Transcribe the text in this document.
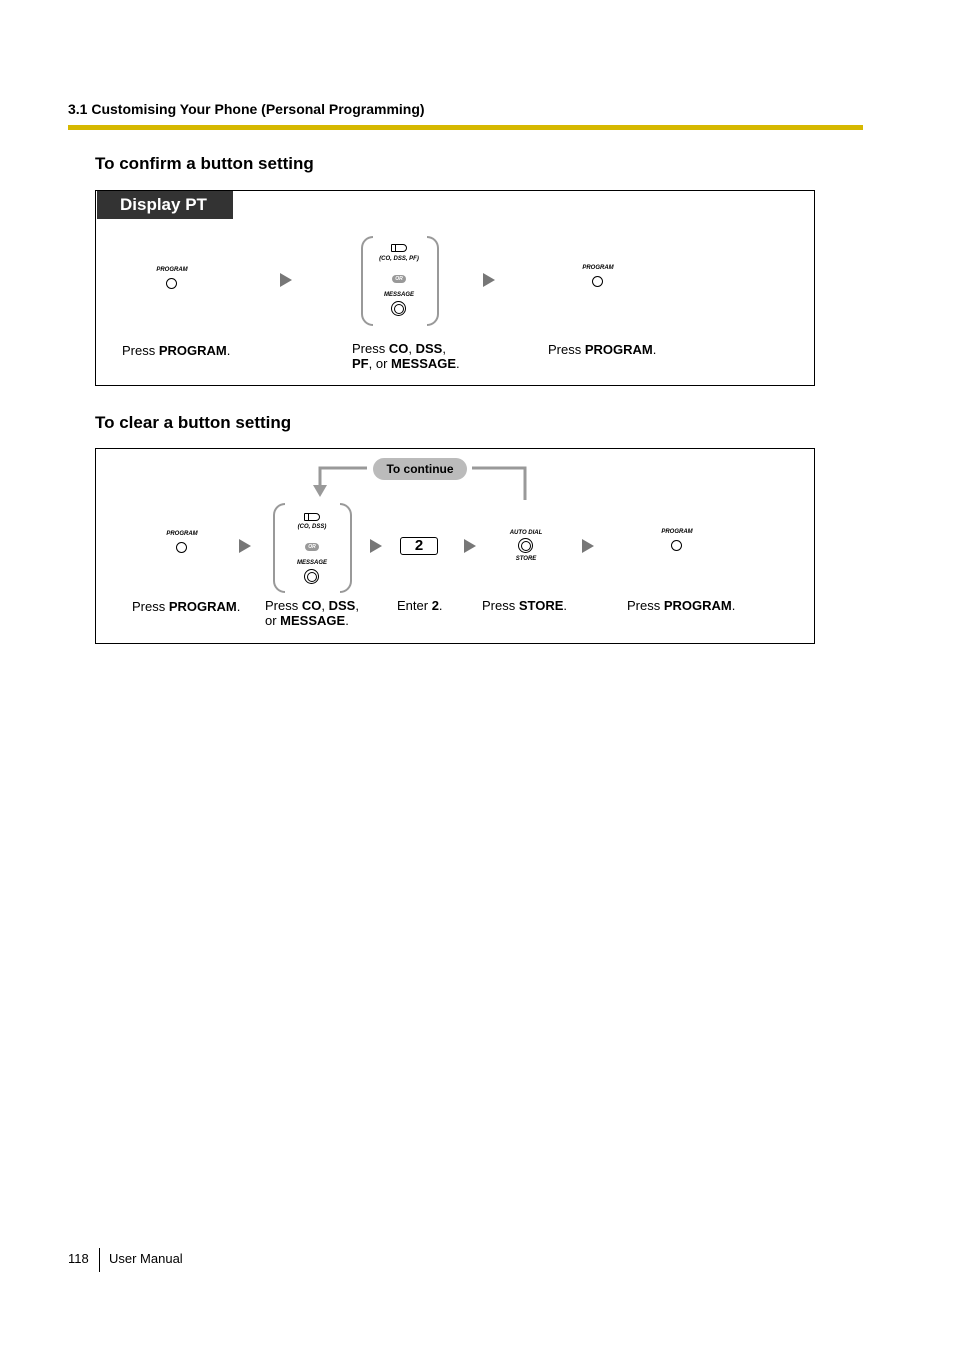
3.1 Customising Your Phone (Personal Programming)
To confirm a button setting
Display PT
PROGRAM
(CO, DSS, PF)
OR
MESSAGE
PROGRAM
Press PROGRAM.	Press CO, DSS,
PF, or MESSAGE.
Press PROGRAM.
To clear a button setting
To continue
PROGRAM
(CO, DSS)
OR
MESSAGE
2
AUTO DIAL
STORE
PROGRAM
Press PROGRAM. Press CO, DSS,
or MESSAGE.
Enter 2.	Press STORE.	Press PROGRAM.
118 User Manual
